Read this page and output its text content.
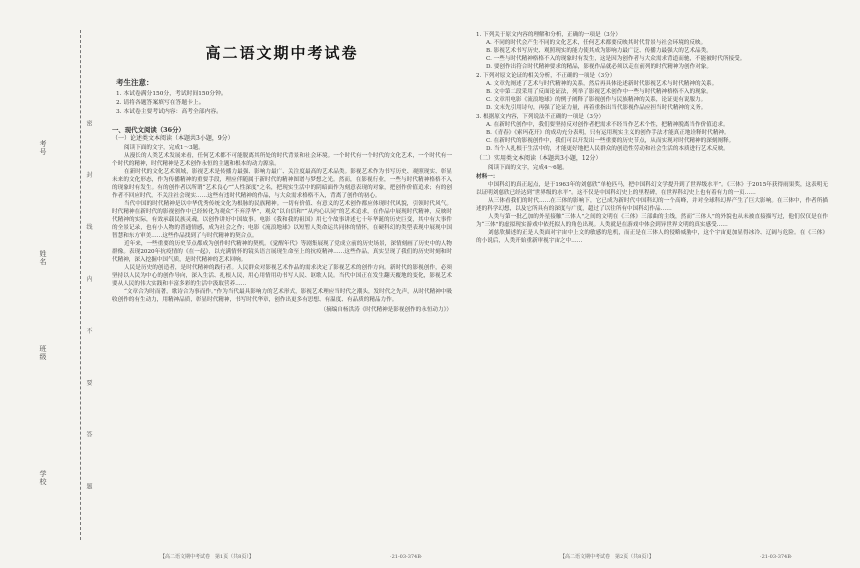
考号
姓名
班级
学校	密 封 线 内 不 要 答 题
高二语文期中考试卷
考生注意：

1. 本试卷满分150分，考试时间150分钟。

2. 请将各题答案填写在答题卡上。

3. 本试卷主要考试内容：高考全部内容。

一、现代文阅读（36分）
（一）论述类文本阅读（本题共3小题，9分）

阅读下面的文字，完成1～3题。

从漫长的人类艺术发展来看，任何艺术都不可能脱离其所处的时代背景和社会环境。一个时代有一个时代的文化艺术，一个时代有一个时代的精神，时代精神是艺术创作永恒的主题和根本的动力源泉。

在新时代的文化艺术领域，影视艺术是传播力最强、影响力最广、关注度最高的艺术品类。影视艺术作为书写历史、观照现实、彰显未来的文化形态，作为传播精神的重要手段，理应伴随属于新时代的精神图谱与梦想之光。然而，在影视行业，一些与时代精神格格不入的现象时有发生。有的创作者以所谓“艺术良心”“人性深度”之名，把现实生活中的阴暗面作为刻意表现的对象，把创作价值追求；有的创作者不回应时代，不关注社会现实……这些有违时代精神的作品，与大众需求格格不入，背离了创作的初心。

当代中国的时代精神是以中华优秀传统文化为根脉的民族精神。一切有价值、有意义的艺术创作都应体现时代风貌，引领时代风气。时代精神在新时代的影视创作中已经转化为观众“不弃浮华”，观众“以自信和”“从内心认同”的艺术追求，在作品中展现时代精神，反映时代精神的实际，有效承载民族灵魂，以创作讲好中国故事。电影《我和我的祖国》用七个故事讲述七十年华诞的历史巨变，其中有大事件的全景记录，也有小人物的普通情感，成为社会之作；电影《流浪地球》以短暂人类命运共同体的情怀，在硬科幻的类型表现中展现中国智慧和东方审美……这些作品找到了与时代精神的契合点。

近年来，一些重要的历史节点都成为创作时代精神的契机。《觉醒年代》等剧集展现了党成立前的历史场景，深情刻画了历史中的人物群像。表现2020年抗疫情的《在一起》，以充满情怀的镜头语言展现生命至上的抗疫精神……这些作品，真实呈现了我们的历史时刻和时代精神，深入挖掘中国气质，是时代精神的艺术回响。

人民是历史的创造者，是时代精神的践行者。人民群众对影视艺术作品的需求决定了影视艺术的创作方向。新时代的影视创作，必须坚持以人民为中心的创作导向，深入生活、扎根人民，用心用情用功书写人民、讴歌人民。当代中国正在发生翻天覆地的变化，影视艺术要从人民的伟大实践和丰富多彩的生活中汲取营养……

“文章合为时而著，歌诗合为事而作。”作为当代最具影响力的艺术形式，影视艺术理应当时代之潮头，发时代之先声，从时代精神中吸收创作的有生动力，用精神品质，彰显时代精神，书写时代华章，创作出更多有思想、有温度、有品质的精品力作。

（摘编自杨洪涛《时代精神是影视创作的永恒动力》）

1. 下列关于原文内容的理解和分析，正确的一项是（3分）

A. 不同的时代会产生不同的文化艺术，任何艺术都要反映其时代背景与社会环境的反映。

B. 影视艺术书写历史、观照现实的能力使其成为影响力最广泛、传播力最强大的艺术品类。

C. 一些与时代精神格格不入的现象时有发生，这是因为创作者与大众需求背道而驰，不能被时代所接受。

D. 要创作出符合时代精神要求的精品，影视作品就必须以走在前列的时代精神为创作对象。

2. 下列对原文论证的相关分析，不正确的一项是（3分）

A. 文章先阐述了艺术与时代精神的关系，然后再具体论述新时代影视艺术与时代精神的关系。

B. 文中第二段采用了反面论证法，列举了影视艺术创作中一些与时代精神格格不入的现象。

C. 文章用电影《流浪地球》的例子阐释了影视创作与民族精神的关系，论证更有说服力。

D. 文末先引用诗句，再强了论证力量，再着重指出当代影视作品应担当时代精神的义务。

3. 根据原文内容，下列说法不正确的一项是（3分）

A. 在新时代创作中，我们要坚持反对创作者把需求不经当作艺术个性，把精神脱离当作价值追求。

B.《青春》《索玛花开》的成功充分表明，只有运用现实主义的创作手法才能真正地诠释时代精神。

C. 在新时代的影视创作中，我们可以开发出一些重要的历史节点，从而实现对时代精神的深刻阐释。

D. 当个人扎根于生活中的，才能更好地把人民群众的创造性劳动和社会生活的本质进行艺术反映。

（二）实用类文本阅读（本题共3小题，12分）

阅读下面的文字，完成4～6题。

材料一：

中国科幻的真正起点，是于1963年的刘慈欣“单枪匹马，把中国科幻文学提升到了世界级水平”。《三体》于2015年获得雨果奖，这表明无以证明刘慈欣已经达到“世界级的水平”。这不仅是中国科幻史上的里程碑，在世界科幻史上也有着有力的一页……

从三体看我们的时代……在三体的影响下，它已成为新时代中国科幻的一个高峰，并对全球科幻界产生了巨大影响。在三体中，作者所描述的科学幻想，以及它所具有的深度与广度，超过了以往所有中国科幻作品……

人类与第一批乙加的外星接触“三体人”之间的文明在《三体》三部曲的主线，然而“三体人”的外貌也从未被直接描写过，他们仅仅是在作为“三体”的虚拟现实游戏中依托拟人的角色出现。人类就是在游戏中体会到异世界文明的真实感受……

刘慈欣描述的正是人类面对宇宙中上文的敏感的危机，而正是在三体人的侵略威胁中，这个宇宙更加显得冰冷、辽阔与危险。在《三体》的小说后，人类开始重新审视宇宙之中……

【高二语文期中考试卷　第1页（共8页）】	·21-03-374B·	【高二语文期中考试卷　第2页（共8页）】	·21-03-374B·
